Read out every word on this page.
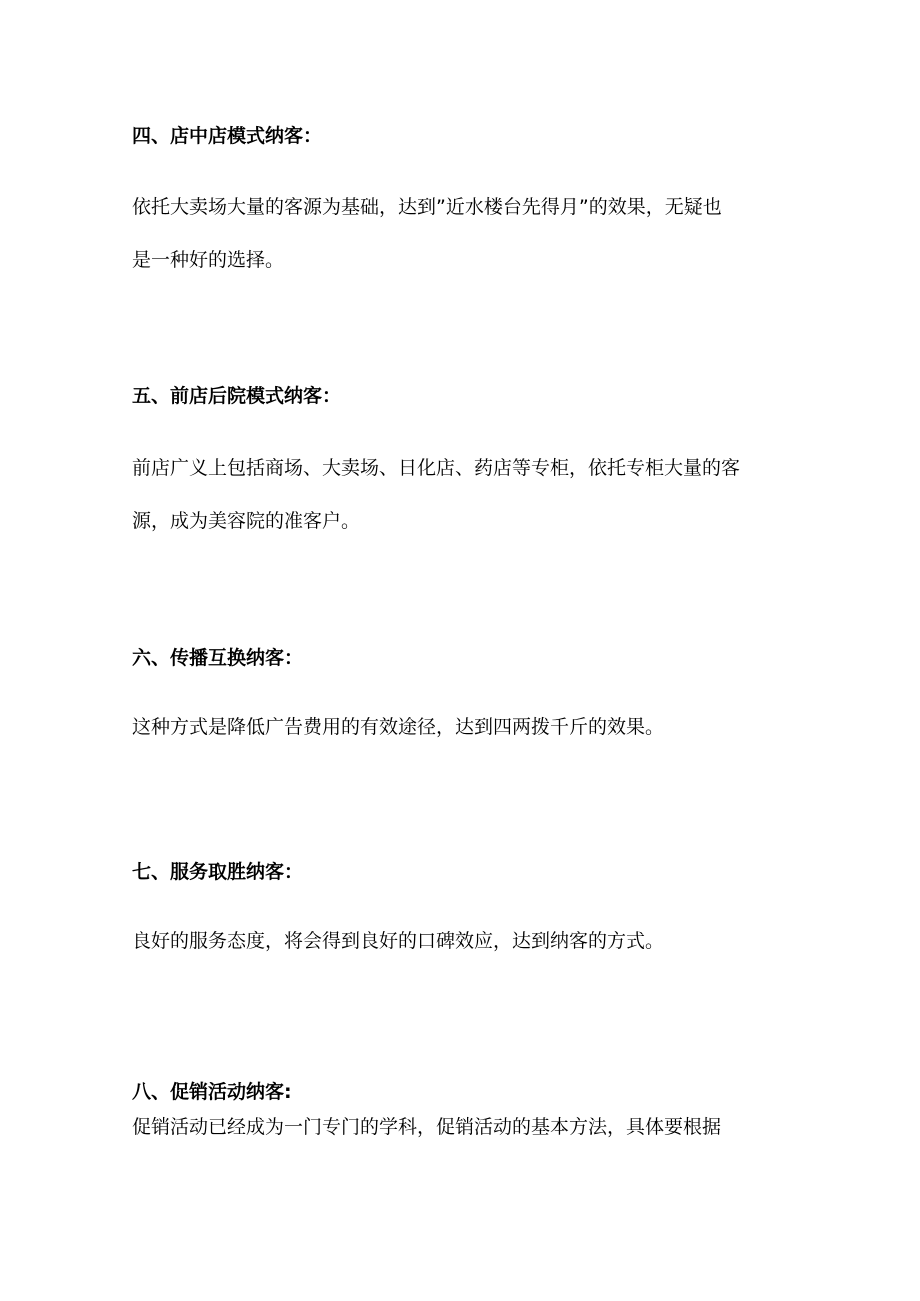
四、店中店模式纳客：
依托大卖场大量的客源为基础，达到”近水楼台先得月”的效果，无疑也
是一种好的选择。
五、前店后院模式纳客：
前店广义上包括商场、大卖场、日化店、药店等专柜，依托专柜大量的客
源，成为美容院的准客户。
六、传播互换纳客：
这种方式是降低广告费用的有效途径，达到四两拨千斤的效果。
七、服务取胜纳客：
良好的服务态度，将会得到良好的口碑效应，达到纳客的方式。
八、促销活动纳客:
促销活动已经成为一门专门的学科，促销活动的基本方法，具体要根据
